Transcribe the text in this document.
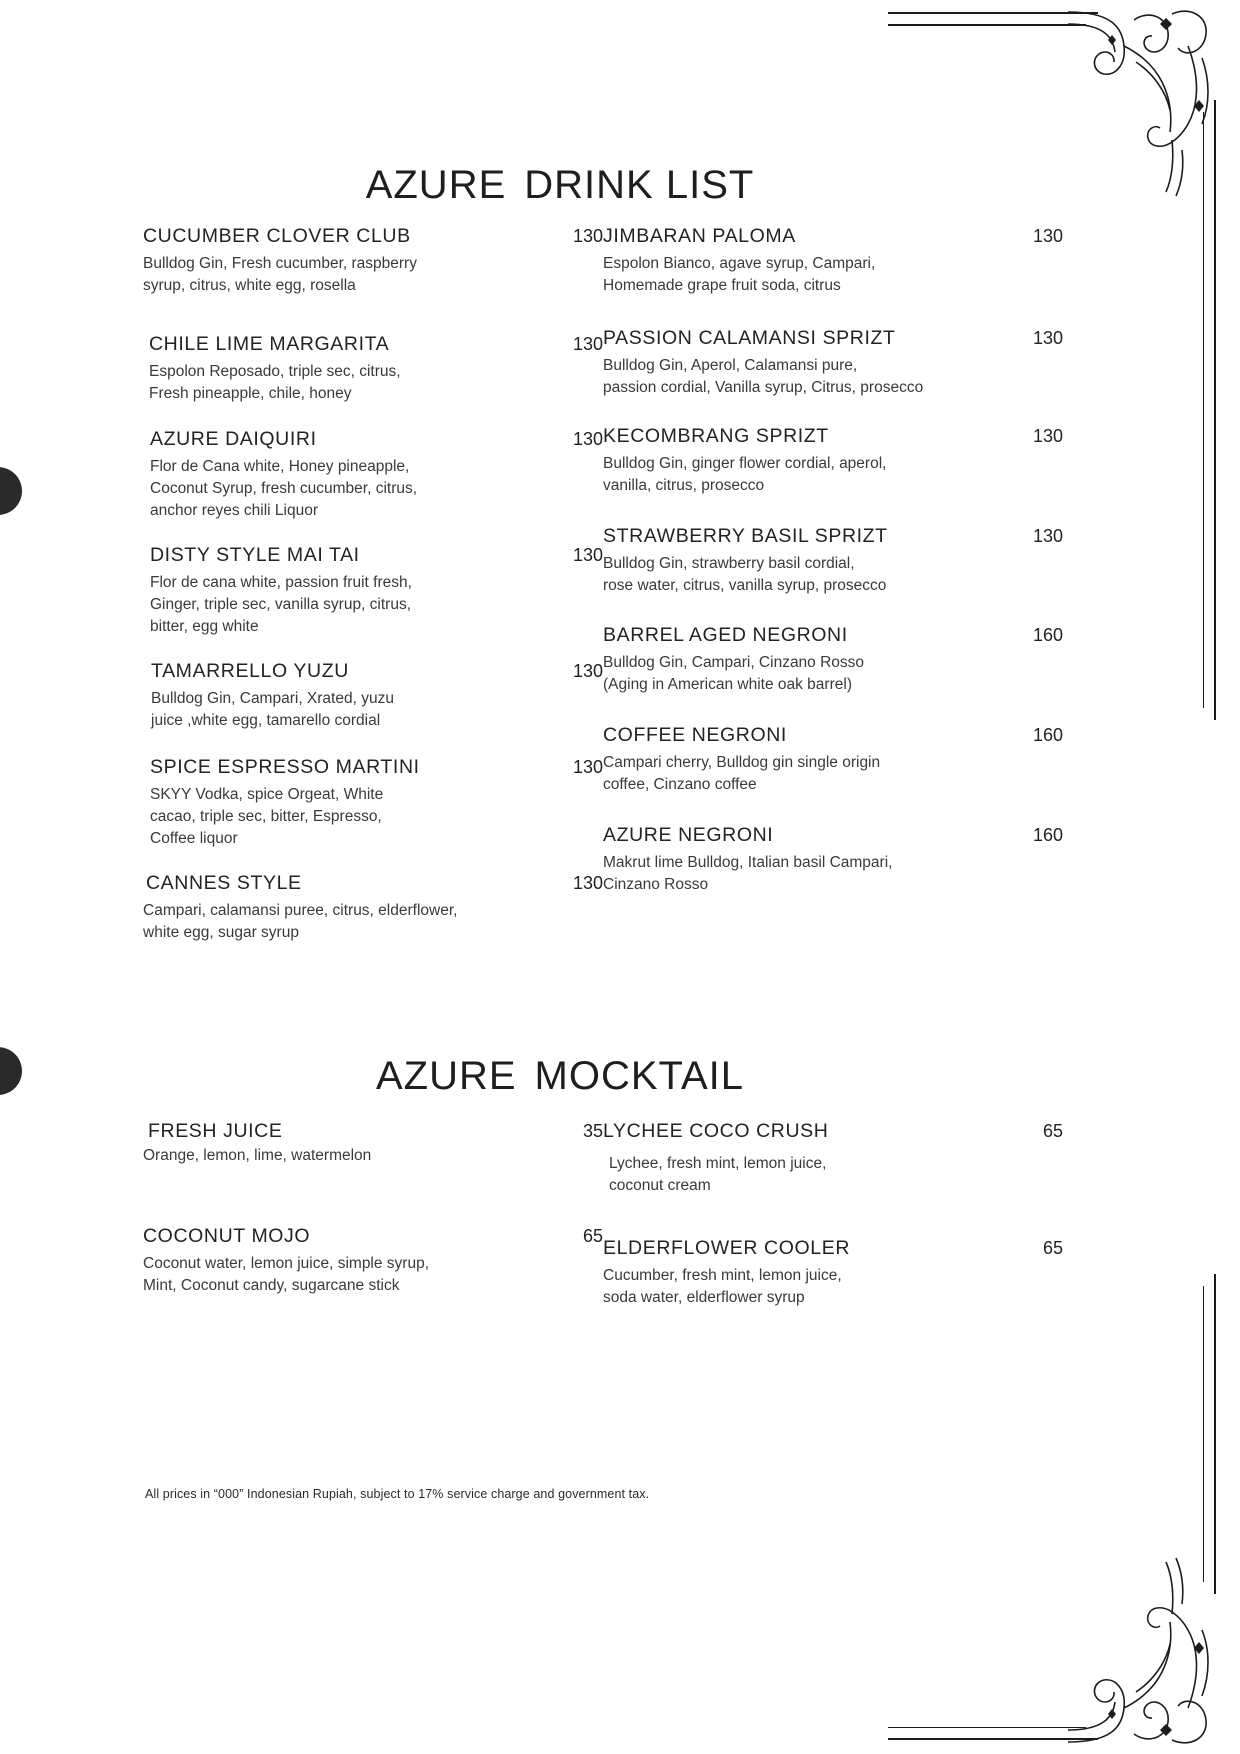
AZURE DRINK LIST
CUCUMBER CLOVER CLUB	130
Bulldog Gin, Fresh cucumber, raspberry
syrup, citrus, white egg, rosella
CHILE LIME MARGARITA	130
Espolon Reposado, triple sec, citrus,
Fresh pineapple, chile, honey
AZURE DAIQUIRI	130
Flor de Cana white, Honey pineapple,
Coconut Syrup, fresh cucumber, citrus,
anchor reyes chili Liquor
DISTY STYLE MAI TAI	130
Flor de cana white, passion fruit fresh,
Ginger, triple sec, vanilla syrup, citrus,
bitter, egg white
TAMARRELLO YUZU	130
Bulldog Gin, Campari, Xrated, yuzu
juice ,white egg, tamarello cordial
SPICE ESPRESSO MARTINI	130
SKYY Vodka, spice Orgeat, White
cacao, triple sec, bitter, Espresso,
Coffee liquor
CANNES STYLE	130
Campari, calamansi puree, citrus, elderflower,
white egg, sugar syrup
JIMBARAN PALOMA	130
Espolon Bianco, agave syrup, Campari,
Homemade grape fruit soda, citrus
PASSION CALAMANSI SPRIZT	130
Bulldog Gin, Aperol, Calamansi pure,
passion cordial, Vanilla syrup, Citrus, prosecco
KECOMBRANG SPRIZT	130
Bulldog Gin, ginger flower cordial, aperol,
vanilla, citrus, prosecco
STRAWBERRY BASIL SPRIZT	130
Bulldog Gin, strawberry basil cordial,
rose water, citrus, vanilla syrup, prosecco
BARREL AGED NEGRONI	160
Bulldog Gin, Campari, Cinzano Rosso
(Aging in American white oak barrel)
COFFEE NEGRONI	160
Campari cherry, Bulldog gin single origin
coffee, Cinzano coffee
AZURE NEGRONI	160
Makrut lime Bulldog, Italian basil Campari,
Cinzano Rosso
AZURE MOCKTAIL
FRESH JUICE	35
Orange, lemon, lime, watermelon
COCONUT MOJO	65
Coconut water, lemon juice, simple syrup,
Mint, Coconut candy, sugarcane stick
LYCHEE COCO CRUSH	65
Lychee, fresh mint, lemon juice,
coconut cream
ELDERFLOWER COOLER	65
Cucumber, fresh mint, lemon juice,
soda water, elderflower syrup
All prices in “000” Indonesian Rupiah, subject to 17% service charge and government tax.
